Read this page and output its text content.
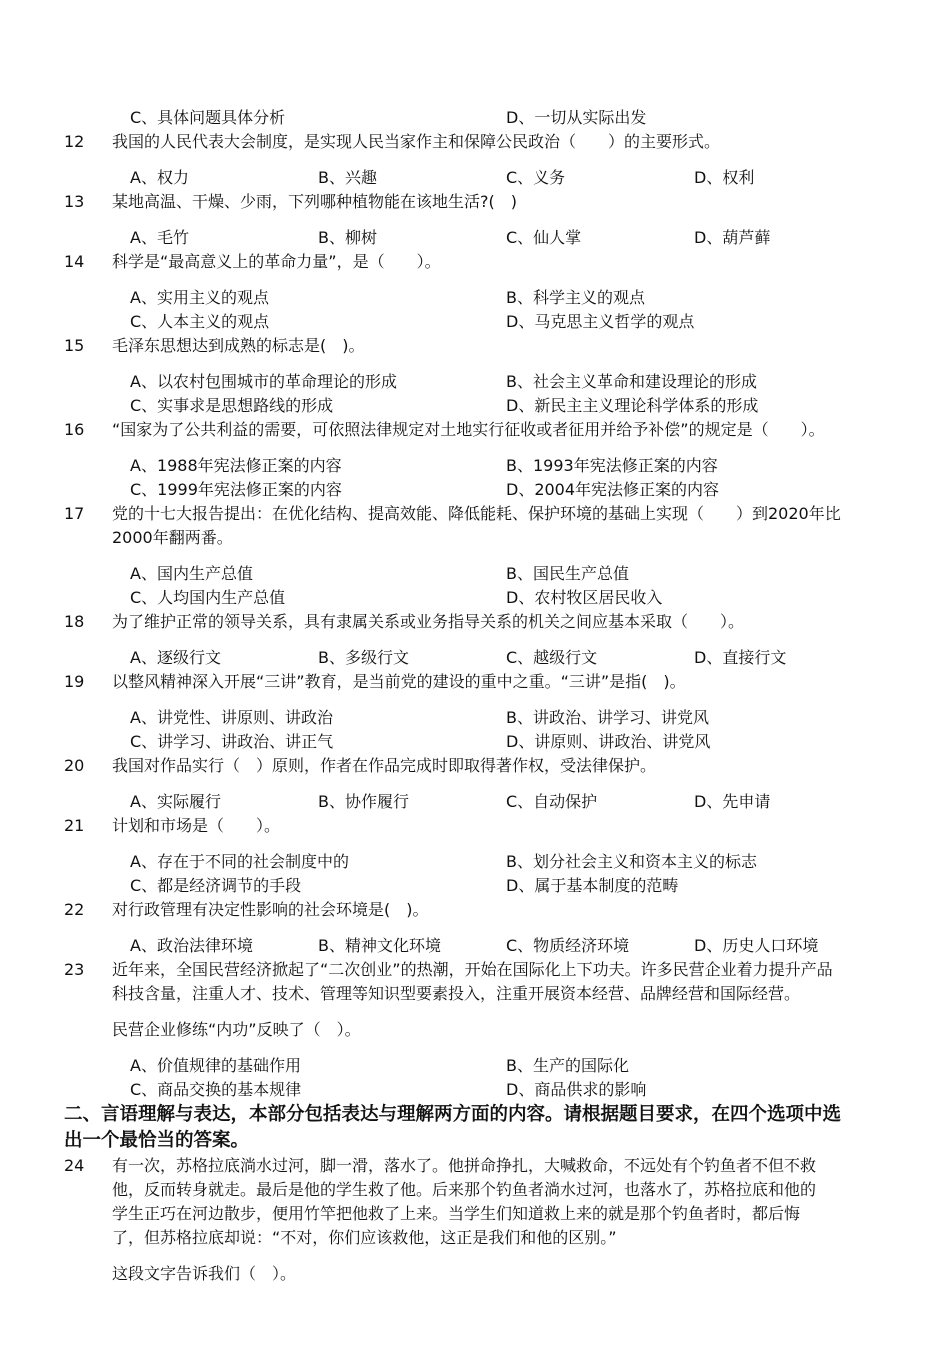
C、具体问题具体分析	D、一切从实际出发
12 我国的人民代表大会制度，是实现人民当家作主和保障公民政治（　　）的主要形式。
A、权力	B、兴趣	C、义务	D、权利
13 某地高温、干燥、少雨，下列哪种植物能在该地生活?(　)
A、毛竹	B、柳树	C、仙人掌	D、葫芦藓
14 科学是“最高意义上的革命力量”，是（　　）。
A、实用主义的观点	B、科学主义的观点
C、人本主义的观点	D、马克思主义哲学的观点
15 毛泽东思想达到成熟的标志是(　)。
A、以农村包围城市的革命理论的形成	B、社会主义革命和建设理论的形成
C、实事求是思想路线的形成	D、新民主主义理论科学体系的形成
16 “国家为了公共利益的需要，可依照法律规定对土地实行征收或者征用并给予补偿”的规定是（　　）。
A、1988年宪法修正案的内容	B、1993年宪法修正案的内容
C、1999年宪法修正案的内容	D、2004年宪法修正案的内容
17 党的十七大报告提出：在优化结构、提高效能、降低能耗、保护环境的基础上实现（　　）到2020年比
2000年翻两番。
A、国内生产总值	B、国民生产总值
C、人均国内生产总值	D、农村牧区居民收入
18 为了维护正常的领导关系，具有隶属关系或业务指导关系的机关之间应基本采取（　　）。
A、逐级行文	B、多级行文	C、越级行文	D、直接行文
19 以整风精神深入开展“三讲”教育，是当前党的建设的重中之重。“三讲”是指(　)。
A、讲党性、讲原则、讲政治	B、讲政治、讲学习、讲党风
C、讲学习、讲政治、讲正气	D、讲原则、讲政治、讲党风
20 我国对作品实行（　）原则，作者在作品完成时即取得著作权，受法律保护。
A、实际履行	B、协作履行	C、自动保护	D、先申请
21 计划和市场是（　　）。
A、存在于不同的社会制度中的	B、划分社会主义和资本主义的标志
C、都是经济调节的手段	D、属于基本制度的范畴
22 对行政管理有决定性影响的社会环境是(　)。
A、政治法律环境	B、精神文化环境	C、物质经济环境	D、历史人口环境
23 近年来，全国民营经济掀起了“二次创业”的热潮，开始在国际化上下功夫。许多民营企业着力提升产品
科技含量，注重人才、技术、管理等知识型要素投入，注重开展资本经营、品牌经营和国际经营。
民营企业修练“内功”反映了（　）。
A、价值规律的基础作用	B、生产的国际化
C、商品交换的基本规律	D、商品供求的影响
二、言语理解与表达，本部分包括表达与理解两方面的内容。请根据题目要求，在四个选项中选
出一个最恰当的答案。
24 有一次，苏格拉底淌水过河，脚一滑，落水了。他拼命挣扎，大喊救命，不远处有个钓鱼者不但不救
他，反而转身就走。最后是他的学生救了他。后来那个钓鱼者淌水过河，也落水了，苏格拉底和他的
学生正巧在河边散步，便用竹竿把他救了上来。当学生们知道救上来的就是那个钓鱼者时，都后悔
了，但苏格拉底却说：“不对，你们应该救他，这正是我们和他的区别。”
这段文字告诉我们（　）。
